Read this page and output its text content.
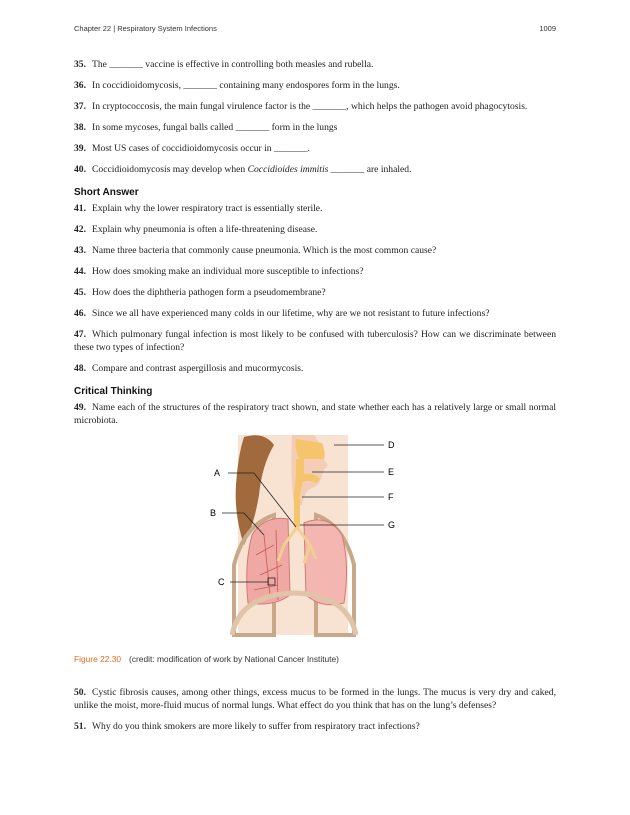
Chapter 22 | Respiratory System Infections	1009

35. The _______ vaccine is effective in controlling both measles and rubella.

36. In coccidioidomycosis, _______ containing many endospores form in the lungs.

37. In cryptococcosis, the main fungal virulence factor is the _______, which helps the pathogen avoid phagocytosis.

38. In some mycoses, fungal balls called _______ form in the lungs

39. Most US cases of coccidioidomycosis occur in _______.

40. Coccidioidomycosis may develop when Coccidioides immitis _______ are inhaled.

Short Answer

41. Explain why the lower respiratory tract is essentially sterile.

42. Explain why pneumonia is often a life-threatening disease.

43. Name three bacteria that commonly cause pneumonia. Which is the most common cause?

44. How does smoking make an individual more susceptible to infections?

45. How does the diphtheria pathogen form a pseudomembrane?

46. Since we all have experienced many colds in our lifetime, why are we not resistant to future infections?

47. Which pulmonary fungal infection is most likely to be confused with tuberculosis? How can we discriminate between these two types of infection?

48. Compare and contrast aspergillosis and mucormycosis.

Critical Thinking

49. Name each of the structures of the respiratory tract shown, and state whether each has a relatively large or small normal microbiota.

A
B
C
D
E
F
G
Figure 22.30 (credit: modification of work by National Cancer Institute)

50. Cystic fibrosis causes, among other things, excess mucus to be formed in the lungs. The mucus is very dry and caked, unlike the moist, more-fluid mucus of normal lungs. What effect do you think that has on the lung’s defenses?

51. Why do you think smokers are more likely to suffer from respiratory tract infections?
